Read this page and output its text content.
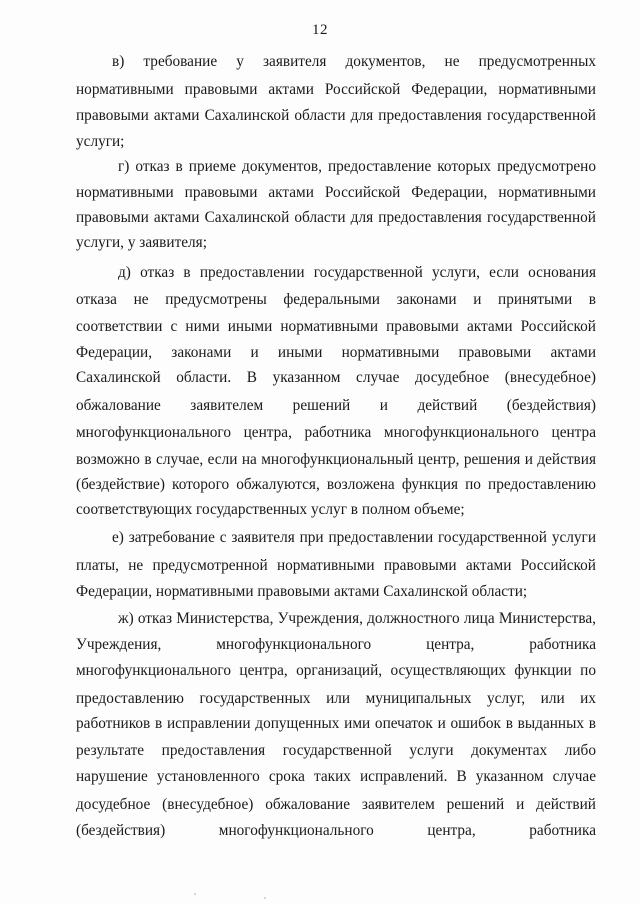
12
в) требование у заявителя документов, не предусмотренных
нормативными правовыми актами Российской Федерации, нормативными
правовыми актами Сахалинской области для предоставления государственной
услуги;
г) отказ в приеме документов, предоставление которых предусмотрено
нормативными правовыми актами Российской Федерации, нормативными
правовыми актами Сахалинской области для предоставления государственной
услуги, у заявителя;
д) отказ в предоставлении государственной услуги, если основания
отказа не предусмотрены федеральными законами и принятыми в
соответствии с ними иными нормативными правовыми актами Российской
Федерации, законами и иными нормативными правовыми актами
Сахалинской области. В указанном случае досудебное (внесудебное)
обжалование заявителем решений и действий (бездействия)
многофункционального центра, работника многофункционального центра
возможно в случае, если на многофункциональный центр, решения и действия
(бездействие) которого обжалуются, возложена функция по предоставлению
соответствующих государственных услуг в полном объеме;
е) затребование с заявителя при предоставлении государственной услуги
платы, не предусмотренной нормативными правовыми актами Российской
Федерации, нормативными правовыми актами Сахалинской области;
ж) отказ Министерства, Учреждения, должностного лица Министерства,
Учреждения, многофункционального центра, работника
многофункционального центра, организаций, осуществляющих функции по
предоставлению государственных или муниципальных услуг, или их
работников в исправлении допущенных ими опечаток и ошибок в выданных в
результате предоставления государственной услуги документах либо
нарушение установленного срока таких исправлений. В указанном случае
досудебное (внесудебное) обжалование заявителем решений и действий
(бездействия) многофункционального центра, работника
